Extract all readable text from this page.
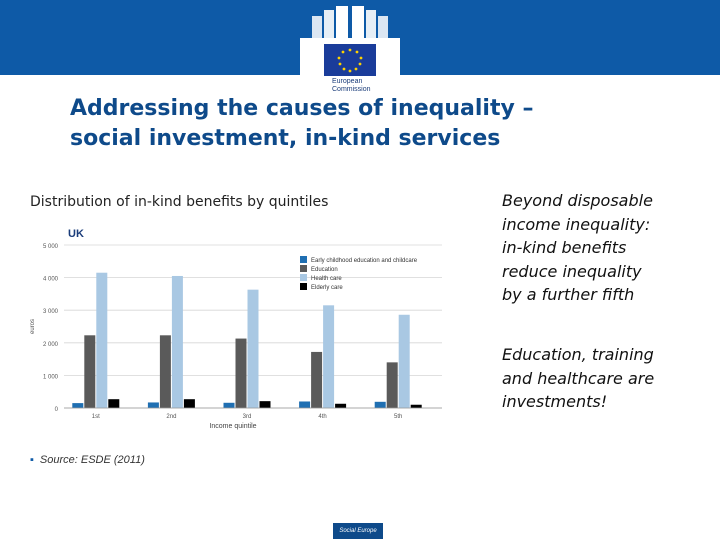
European
Commission
Addressing the causes of inequality –
social investment, in-kind services
Distribution of in-kind benefits by quintiles
UK
0
1 000
2 000
3 000
4 000
5 000
euros
1st	2nd	3rd	4th	5th
Income quintile
Early childhood education and childcare
Education
Health care
Elderly care
Beyond disposable
income inequality:
in-kind benefits
reduce inequality
by a further fifth
Education, training
and healthcare are
investments!
▪ Source: ESDE (2011)
Social Europe
